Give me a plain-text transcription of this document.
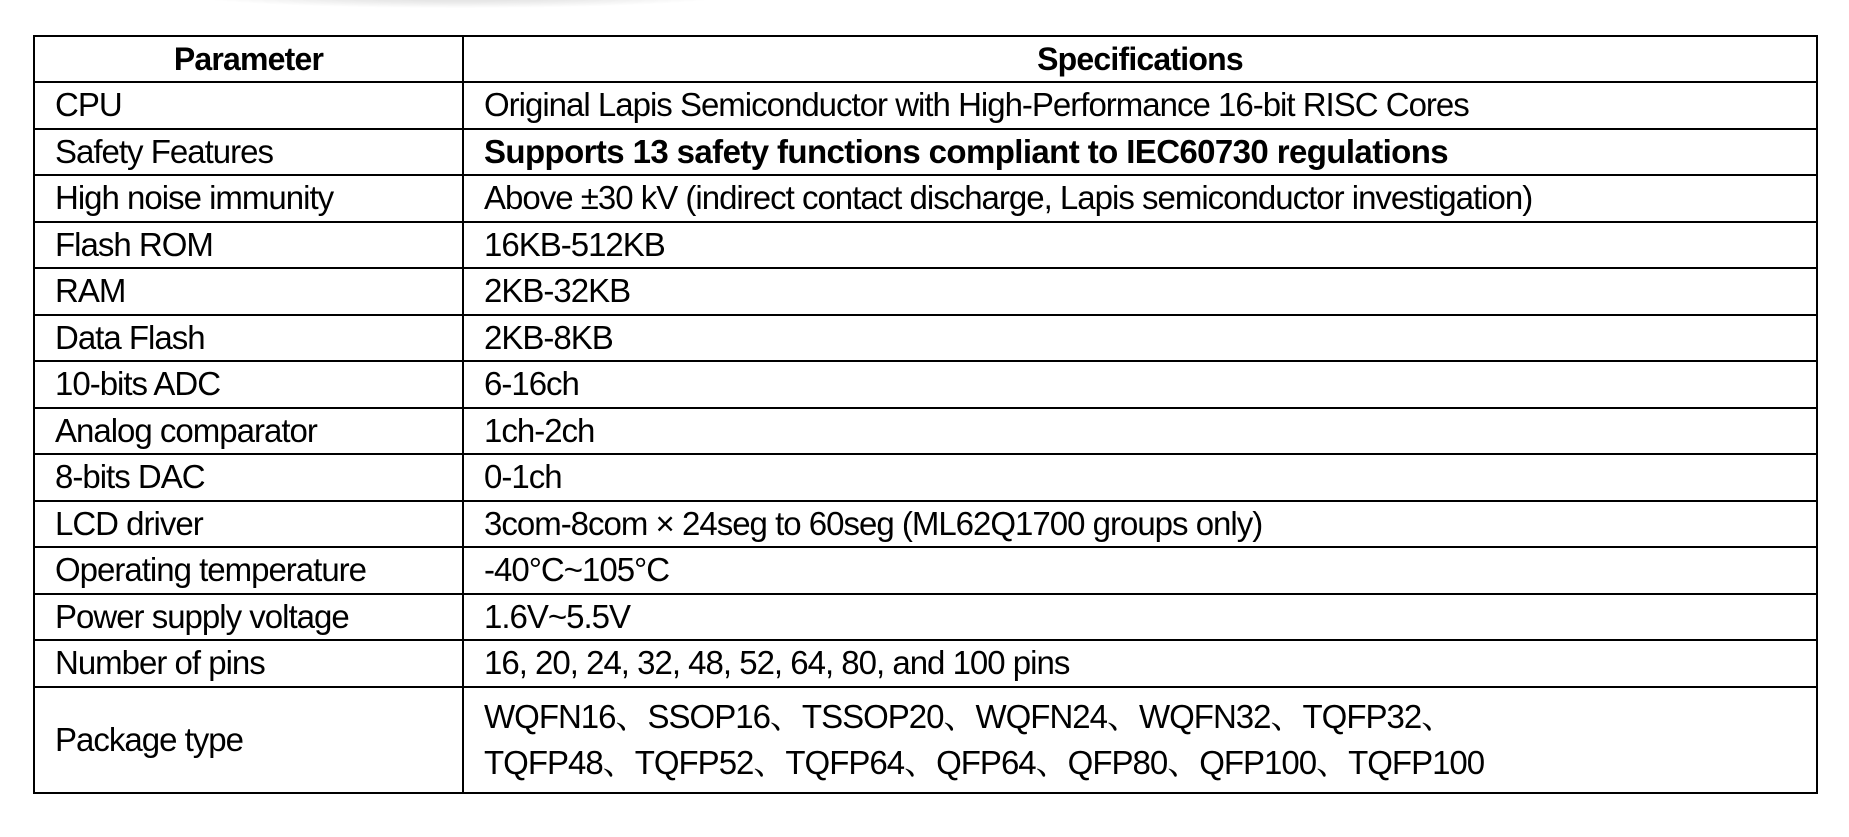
Parameter	Specifications
CPU	Original Lapis Semiconductor with High-Performance 16-bit RISC Cores
Safety Features	Supports 13 safety functions compliant to IEC60730 regulations
High noise immunity	Above ±30 kV (indirect contact discharge, Lapis semiconductor investigation)
Flash ROM	16KB-512KB
RAM	2KB-32KB
Data Flash	2KB-8KB
10-bits ADC	6-16ch
Analog comparator	1ch-2ch
8-bits DAC	0-1ch
LCD driver	3com-8com × 24seg to 60seg (ML62Q1700 groups only)
Operating temperature	-40°C~105°C
Power supply voltage	1.6V~5.5V
Number of pins	16, 20, 24, 32, 48, 52, 64, 80, and 100 pins
Package type	WQFN16、SSOP16、TSSOP20、WQFN24、WQFN32、TQFP32、
TQFP48、TQFP52、TQFP64、QFP64、QFP80、QFP100、TQFP100
